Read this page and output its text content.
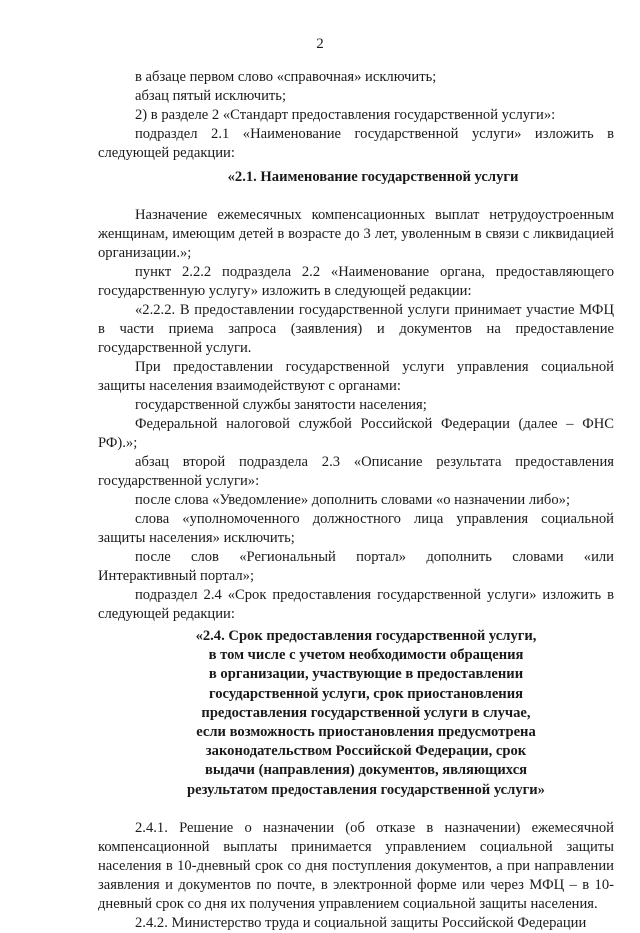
2

в абзаце первом слово «справочная» исключить;

абзац пятый исключить;

2) в разделе 2 «Стандарт предоставления государственной услуги»:

подраздел 2.1 «Наименование государственной услуги» изложить в следующей редакции:

«2.1. Наименование государственной услуги

Назначение ежемесячных компенсационных выплат нетрудоустроенным женщинам, имеющим детей в возрасте до 3 лет, уволенным в связи с ликвидацией организации.»;

пункт 2.2.2 подраздела 2.2 «Наименование органа, предоставляющего государственную услугу» изложить в следующей редакции:

«2.2.2. В предоставлении государственной услуги принимает участие МФЦ в части приема запроса (заявления) и документов на предоставление государственной услуги.

При предоставлении государственной услуги управления социальной защиты населения взаимодействуют с органами:

государственной службы занятости населения;

Федеральной налоговой службой Российской Федерации (далее – ФНС РФ).»;

абзац второй подраздела 2.3 «Описание результата предоставления государственной услуги»:

после слова «Уведомление» дополнить словами «о назначении либо»;

слова «уполномоченного должностного лица управления социальной защиты населения» исключить;

после слов «Региональный портал» дополнить словами «или Интерактивный портал»;

подраздел 2.4 «Срок предоставления государственной услуги» изложить в следующей редакции:

«2.4. Срок предоставления государственной услуги,
в том числе с учетом необходимости обращения
в организации, участвующие в предоставлении
государственной услуги, срок приостановления
предоставления государственной услуги в случае,
если возможность приостановления предусмотрена
законодательством Российской Федерации, срок
выдачи (направления) документов, являющихся
результатом предоставления государственной услуги»

2.4.1. Решение о назначении (об отказе в назначении) ежемесячной компенсационной выплаты принимается управлением социальной защиты населения в 10-дневный срок со дня поступления документов, а при направлении заявления и документов по почте, в электронной форме или через МФЦ – в 10-дневный срок со дня их получения управлением социальной защиты населения.

2.4.2. Министерство труда и социальной защиты Российской Федерации
